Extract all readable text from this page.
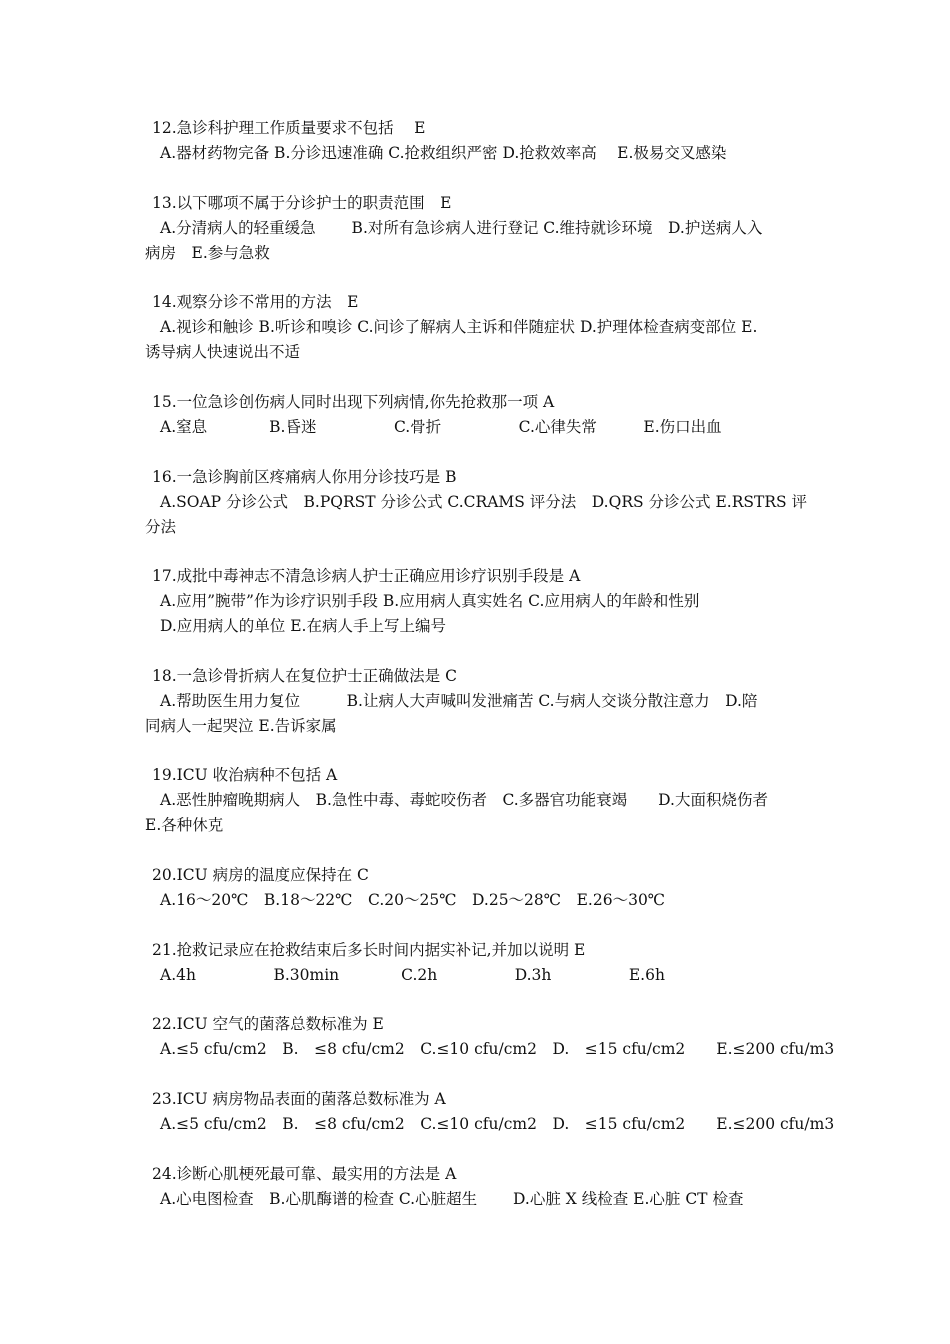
12.急诊科护理工作质量要求不包括　 E
A.器材药物完备 B.分诊迅速准确 C.抢救组织严密 D.抢救效率高　 E.极易交叉感染
13.以下哪项不属于分诊护士的职责范围　E
A.分清病人的轻重缓急　　 B.对所有急诊病人进行登记 C.维持就诊环境　D.护送病人入
病房　E.参与急救
14.观察分诊不常用的方法　E
A.视诊和触诊 B.听诊和嗅诊 C.问诊了解病人主诉和伴随症状 D.护理体检查病变部位 E.
诱导病人快速说出不适
15.一位急诊创伤病人同时出现下列病情,你先抢救那一项 A
A.窒息　　　　B.昏迷　　　　　C.骨折　　　　　C.心律失常　　　E.伤口出血
16.一急诊胸前区疼痛病人你用分诊技巧是 B
A.SOAP 分诊公式　B.PQRST 分诊公式 C.CRAMS 评分法　D.QRS 分诊公式 E.RSTRS 评
分法
17.成批中毒神志不清急诊病人护士正确应用诊疗识别手段是 A
A.应用”腕带”作为诊疗识别手段 B.应用病人真实姓名 C.应用病人的年龄和性别
D.应用病人的单位 E.在病人手上写上编号
18.一急诊骨折病人在复位护士正确做法是 C
A.帮助医生用力复位　　　B.让病人大声喊叫发泄痛苦 C.与病人交谈分散注意力　D.陪
同病人一起哭泣 E.告诉家属
19.ICU 收治病种不包括 A
A.恶性肿瘤晚期病人　B.急性中毒、毒蛇咬伤者　C.多器官功能衰竭　　D.大面积烧伤者
E.各种休克
20.ICU 病房的温度应保持在 C
A.16～20℃　B.18～22℃　C.20～25℃　D.25～28℃　E.26～30℃
21.抢救记录应在抢救结束后多长时间内据实补记,并加以说明 E
A.4h　　　　　B.30min　　　　C.2h　　　　　D.3h　　　　　E.6h
22.ICU 空气的菌落总数标准为 E
A.≤5 cfu/cm2　B.　≤8 cfu/cm2　C.≤10 cfu/cm2　D.　≤15 cfu/cm2　　E.≤200 cfu/m3
23.ICU 病房物品表面的菌落总数标准为 A
A.≤5 cfu/cm2　B.　≤8 cfu/cm2　C.≤10 cfu/cm2　D.　≤15 cfu/cm2　　E.≤200 cfu/m3
24.诊断心肌梗死最可靠、最实用的方法是 A
A.心电图检查　B.心肌酶谱的检查 C.心脏超生　　 D.心脏 X 线检查 E.心脏 CT 检查
